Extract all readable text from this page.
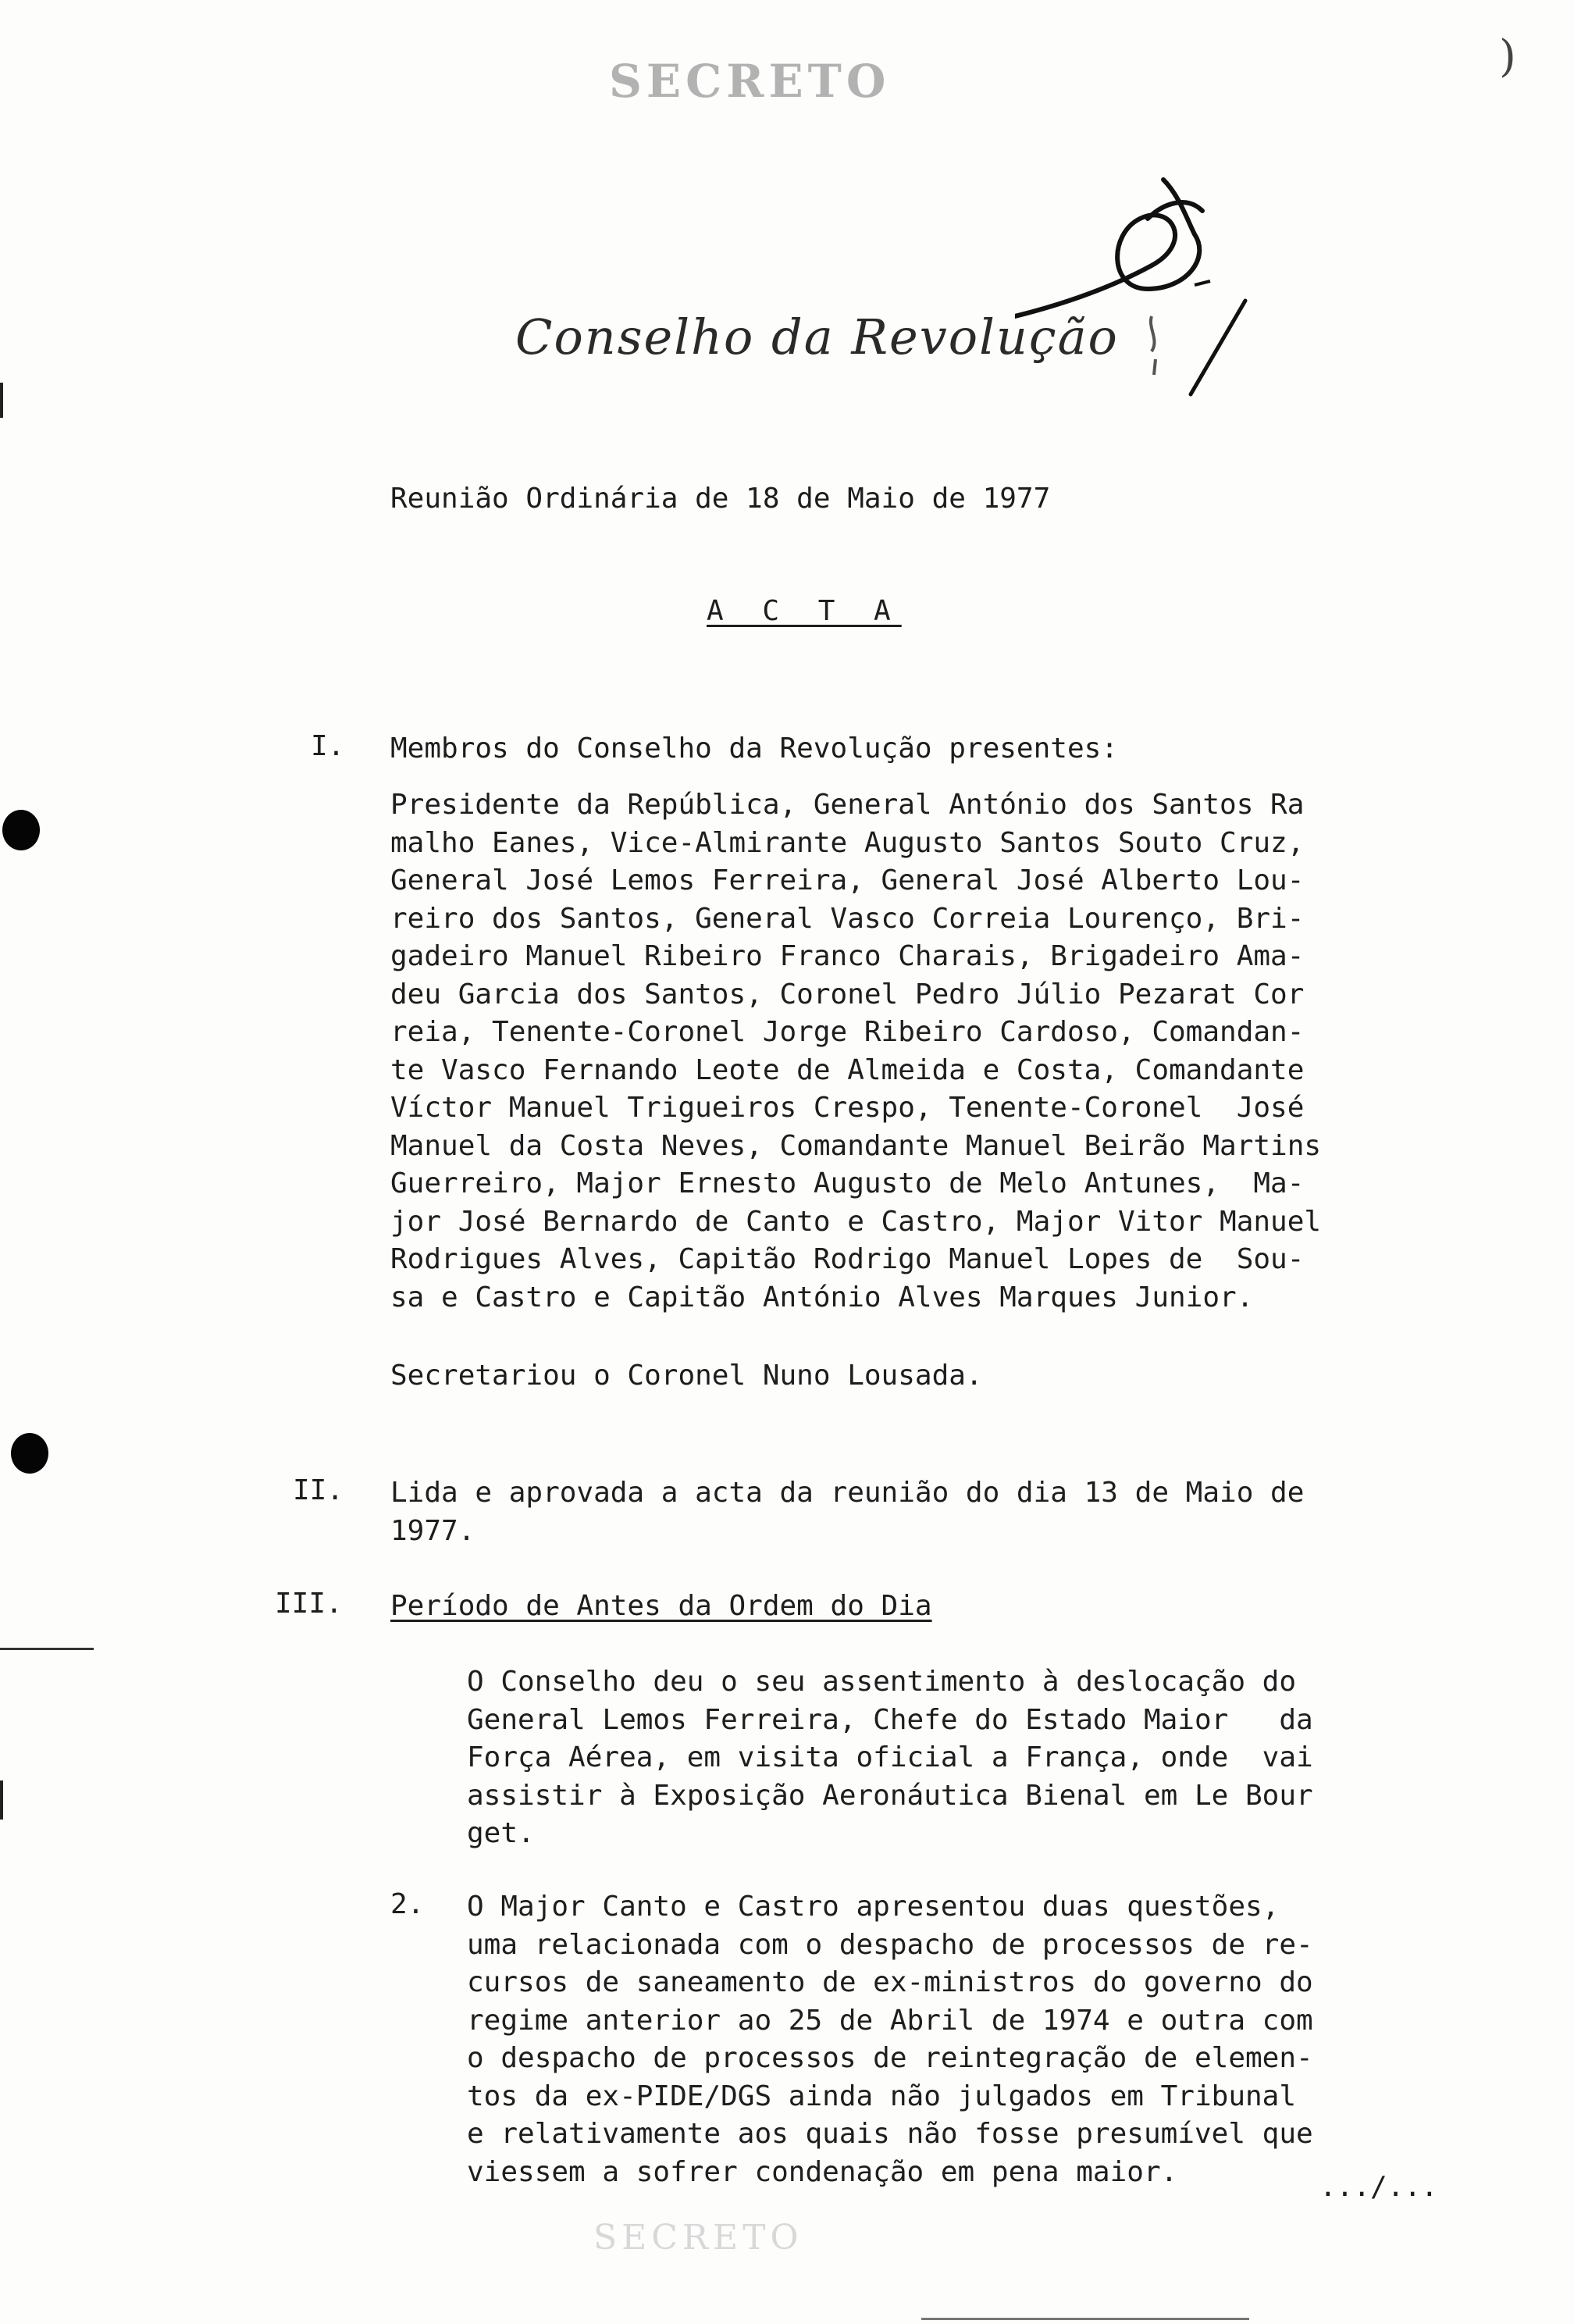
SECRETO	)
Conselho da Revolução
Reunião Ordinária de 18 de Maio de 1977
A C T A
I. Membros do Conselho da Revolução presentes:
Presidente da República, General António dos Santos Ra
malho Eanes, Vice-Almirante Augusto Santos Souto Cruz,
General José Lemos Ferreira, General José Alberto Lou-
reiro dos Santos, General Vasco Correia Lourenço, Bri-
gadeiro Manuel Ribeiro Franco Charais, Brigadeiro Ama-
deu Garcia dos Santos, Coronel Pedro Júlio Pezarat Cor
reia, Tenente-Coronel Jorge Ribeiro Cardoso, Comandan-
te Vasco Fernando Leote de Almeida e Costa, Comandante
Víctor Manuel Trigueiros Crespo, Tenente-Coronel  José
Manuel da Costa Neves, Comandante Manuel Beirão Martins
Guerreiro, Major Ernesto Augusto de Melo Antunes,  Ma-
jor José Bernardo de Canto e Castro, Major Vitor Manuel
Rodrigues Alves, Capitão Rodrigo Manuel Lopes de  Sou-
sa e Castro e Capitão António Alves Marques Junior.
Secretariou o Coronel Nuno Lousada.
II. Lida e aprovada a acta da reunião do dia 13 de Maio de
1977.
III. Período de Antes da Ordem do Dia
O Conselho deu o seu assentimento à deslocação do
General Lemos Ferreira, Chefe do Estado Maior   da
Força Aérea, em visita oficial a França, onde  vai
assistir à Exposição Aeronáutica Bienal em Le Bour
get.
2. O Major Canto e Castro apresentou duas questões,
uma relacionada com o despacho de processos de re-
cursos de saneamento de ex-ministros do governo do
regime anterior ao 25 de Abril de 1974 e outra com
o despacho de processos de reintegração de elemen-
tos da ex-PIDE/DGS ainda não julgados em Tribunal
e relativamente aos quais não fosse presumível que
viessem a sofrer condenação em pena maior.	.../...
SECRETO
